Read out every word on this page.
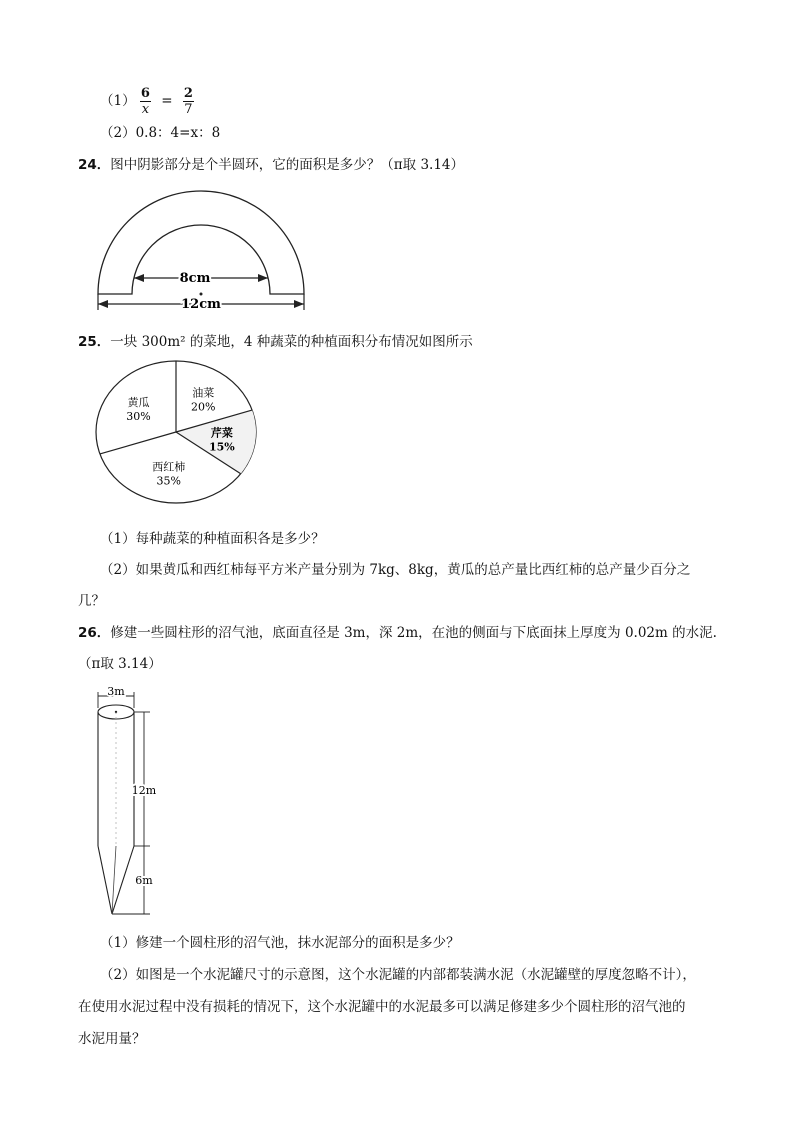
$(1) \frac{6}{x} = \frac{2}{7}$
（2）0.8：4=x：8
24．图中阴影部分是个半圆环，它的面积是多少？（π取 3.14）
8cm
12cm
25．一块 300m² 的菜地，4 种蔬菜的种植面积分布情况如图所示
油菜
20%
芹菜
15%
西红柿
35%
黄瓜
30%
（1）每种蔬菜的种植面积各是多少？
（2）如果黄瓜和西红柿每平方米产量分别为 7kg、8kg，黄瓜的总产量比西红柿的总产量少百分之
几？
26．修建一些圆柱形的沼气池，底面直径是 3m，深 2m，在池的侧面与下底面抹上厚度为 0.02m 的水泥.
（π取 3.14）
3m
12m
6m
（1）修建一个圆柱形的沼气池，抹水泥部分的面积是多少？
（2）如图是一个水泥罐尺寸的示意图，这个水泥罐的内部都装满水泥（水泥罐壁的厚度忽略不计），
在使用水泥过程中没有损耗的情况下，这个水泥罐中的水泥最多可以满足修建多少个圆柱形的沼气池的
水泥用量？
